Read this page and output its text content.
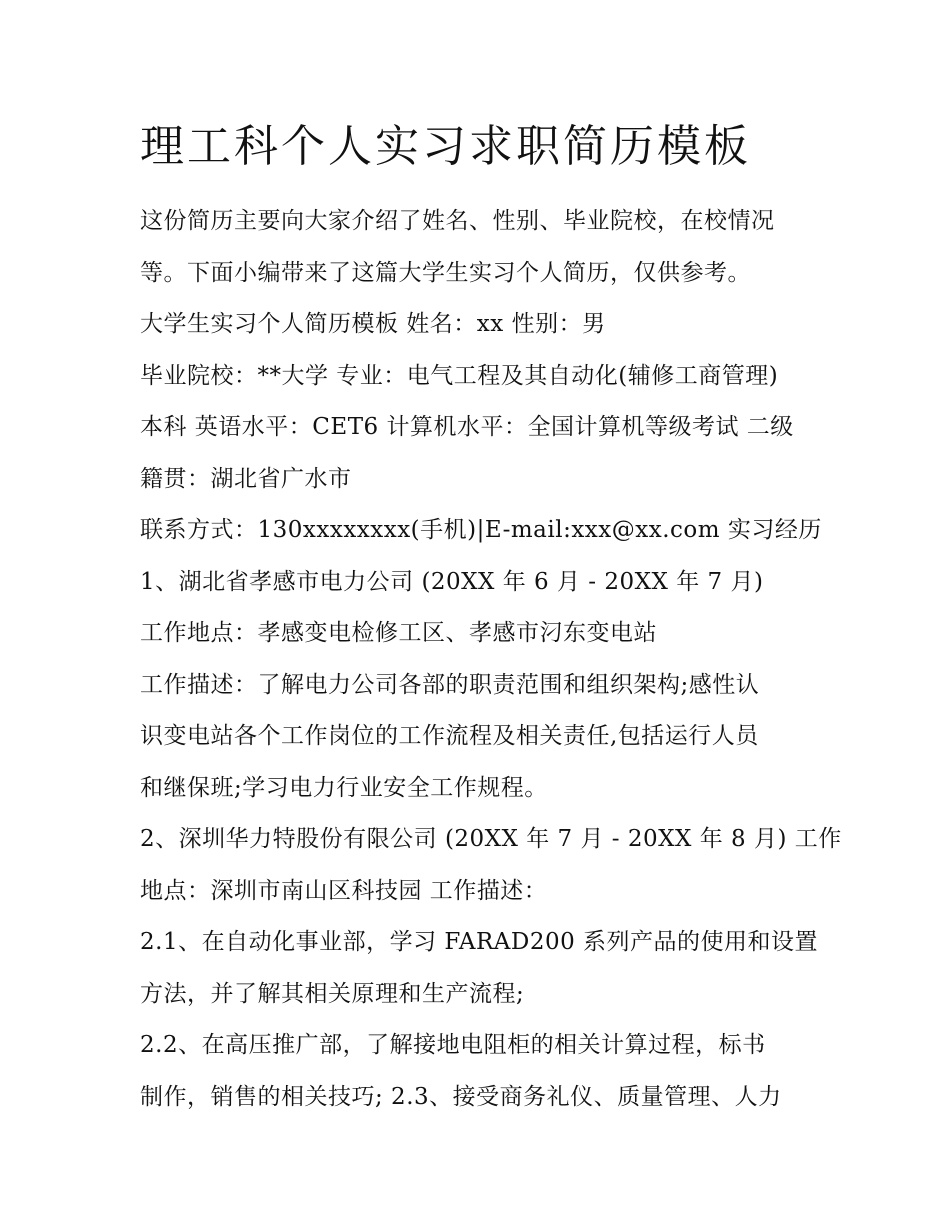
理工科个人实习求职简历模板
这份简历主要向大家介绍了姓名、性别、毕业院校，在校情况
等。下面小编带来了这篇大学生实习个人简历，仅供参考。
大学生实习个人简历模板 姓名：xx 性别：男
毕业院校：**大学 专业：电气工程及其自动化(辅修工商管理)
本科 英语水平：CET6 计算机水平：全国计算机等级考试 二级
籍贯：湖北省广水市
联系方式：130xxxxxxxx(手机)|E-mail:xxx@xx.com 实习经历
1、湖北省孝感市电力公司 (20XX 年 6 月 - 20XX 年 7 月)
工作地点：孝感变电检修工区、孝感市汈东变电站
工作描述：了解电力公司各部的职责范围和组织架构;感性认
识变电站各个工作岗位的工作流程及相关责任,包括运行人员
和继保班;学习电力行业安全工作规程。
2、深圳华力特股份有限公司 (20XX 年 7 月 - 20XX 年 8 月) 工作
地点：深圳市南山区科技园 工作描述：
2.1、在自动化事业部，学习 FARAD200 系列产品的使用和设置
方法，并了解其相关原理和生产流程;
2.2、在高压推广部，了解接地电阻柜的相关计算过程，标书
制作，销售的相关技巧; 2.3、接受商务礼仪、质量管理、人力
